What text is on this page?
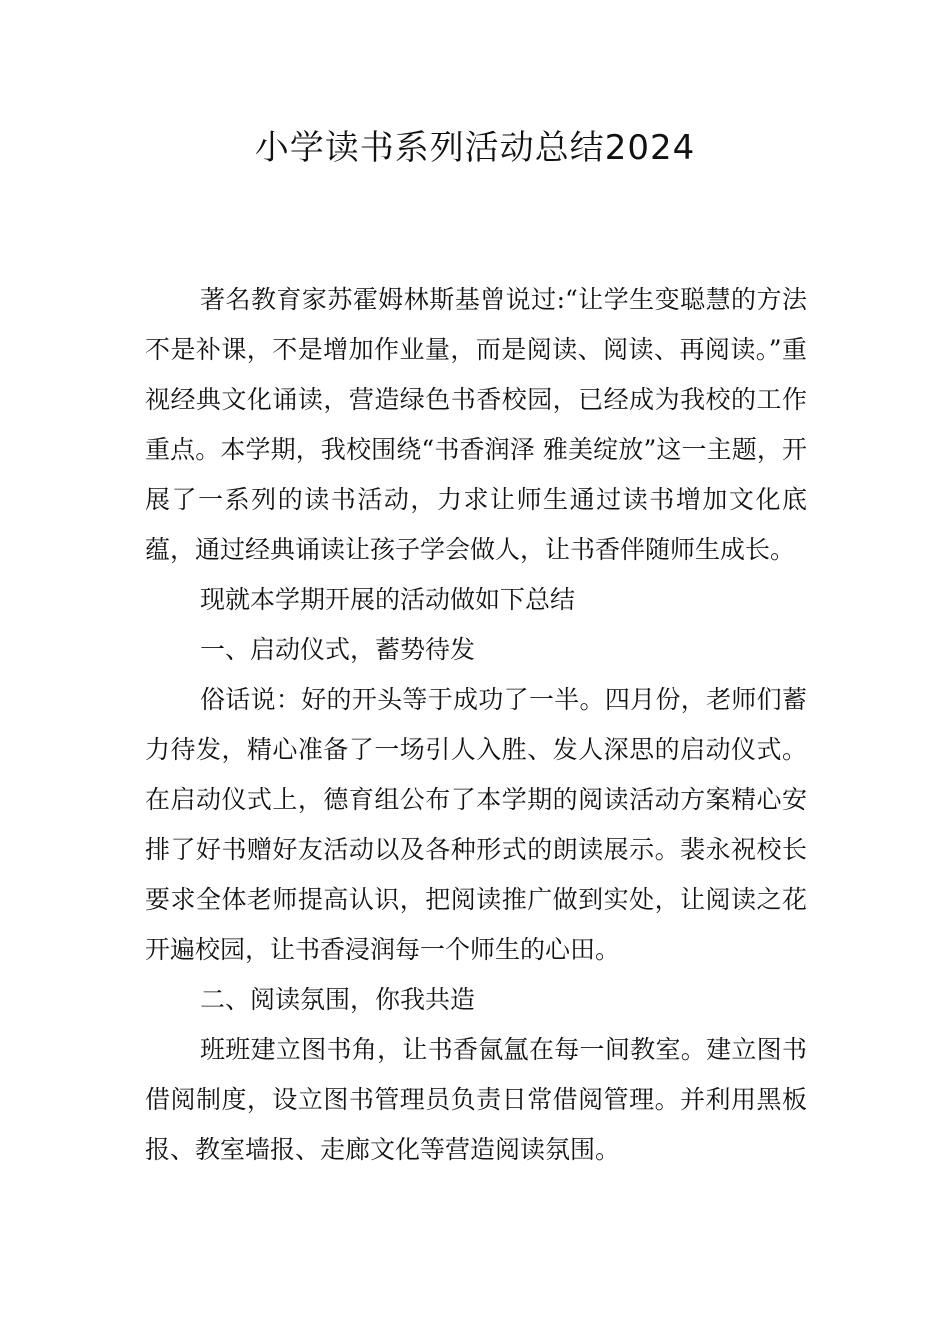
小学读书系列活动总结2024

著名教育家苏霍姆林斯基曾说过:“让学生变聪慧的方法不是补课，不是增加作业量，而是阅读、阅读、再阅读。”重视经典文化诵读，营造绿色书香校园，已经成为我校的工作重点。本学期，我校围绕“书香润泽 雅美绽放”这一主题，开展了一系列的读书活动，力求让师生通过读书增加文化底蕴，通过经典诵读让孩子学会做人，让书香伴随师生成长。

现就本学期开展的活动做如下总结

一、启动仪式，蓄势待发

俗话说：好的开头等于成功了一半。四月份，老师们蓄力待发，精心准备了一场引人入胜、发人深思的启动仪式。在启动仪式上，德育组公布了本学期的阅读活动方案精心安排了好书赠好友活动以及各种形式的朗读展示。裴永祝校长要求全体老师提高认识，把阅读推广做到实处，让阅读之花开遍校园，让书香浸润每一个师生的心田。

二、阅读氛围，你我共造

班班建立图书角，让书香氤氲在每一间教室。建立图书借阅制度，设立图书管理员负责日常借阅管理。并利用黑板报、教室墙报、走廊文化等营造阅读氛围。
